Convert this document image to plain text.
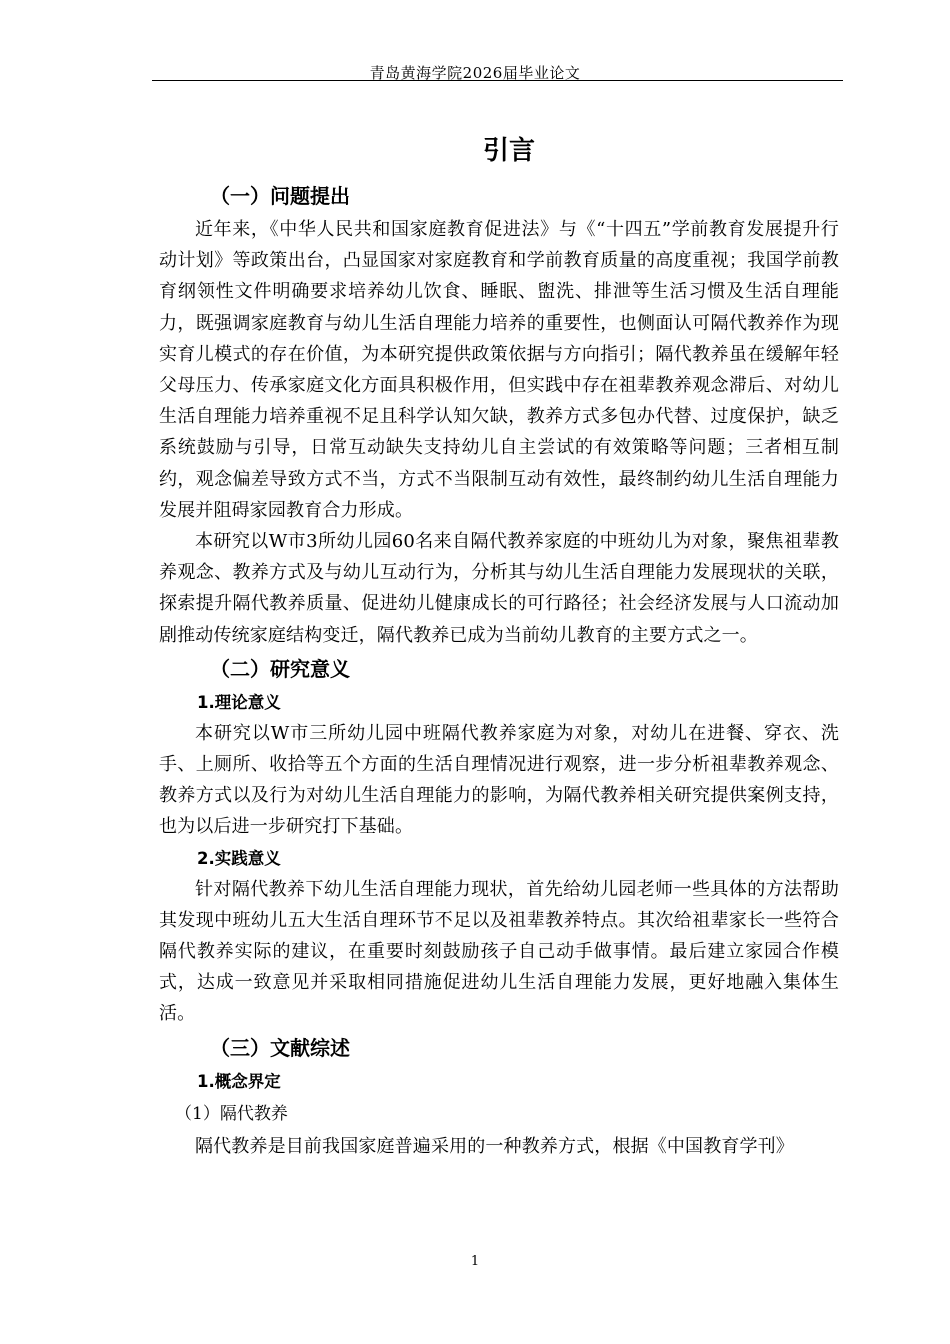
青岛黄海学院2026届毕业论文
引言
（一）问题提出

近年来，《中华人民共和国家庭教育促进法》与《“十四五”学前教育发展提升行动计划》等政策出台，凸显国家对家庭教育和学前教育质量的高度重视；我国学前教育纲领性文件明确要求培养幼儿饮食、睡眠、盥洗、排泄等生活习惯及生活自理能力，既强调家庭教育与幼儿生活自理能力培养的重要性，也侧面认可隔代教养作为现实育儿模式的存在价值，为本研究提供政策依据与方向指引；隔代教养虽在缓解年轻父母压力、传承家庭文化方面具积极作用，但实践中存在祖辈教养观念滞后、对幼儿生活自理能力培养重视不足且科学认知欠缺，教养方式多包办代替、过度保护，缺乏系统鼓励与引导，日常互动缺失支持幼儿自主尝试的有效策略等问题；三者相互制约，观念偏差导致方式不当，方式不当限制互动有效性，最终制约幼儿生活自理能力发展并阻碍家园教育合力形成。

本研究以W市3所幼儿园60名来自隔代教养家庭的中班幼儿为对象，聚焦祖辈教养观念、教养方式及与幼儿互动行为，分析其与幼儿生活自理能力发展现状的关联，探索提升隔代教养质量、促进幼儿健康成长的可行路径；社会经济发展与人口流动加剧推动传统家庭结构变迁，隔代教养已成为当前幼儿教育的主要方式之一。

（二）研究意义
1.理论意义

本研究以W市三所幼儿园中班隔代教养家庭为对象，对幼儿在进餐、穿衣、洗手、上厕所、收拾等五个方面的生活自理情况进行观察，进一步分析祖辈教养观念、教养方式以及行为对幼儿生活自理能力的影响，为隔代教养相关研究提供案例支持，也为以后进一步研究打下基础。

2.实践意义

针对隔代教养下幼儿生活自理能力现状，首先给幼儿园老师一些具体的方法帮助其发现中班幼儿五大生活自理环节不足以及祖辈教养特点。其次给祖辈家长一些符合隔代教养实际的建议，在重要时刻鼓励孩子自己动手做事情。最后建立家园合作模式，达成一致意见并采取相同措施促进幼儿生活自理能力发展，更好地融入集体生活。

（三）文献综述
1.概念界定
（1）隔代教养

隔代教养是目前我国家庭普遍采用的一种教养方式，根据《中国教育学刊》

1
